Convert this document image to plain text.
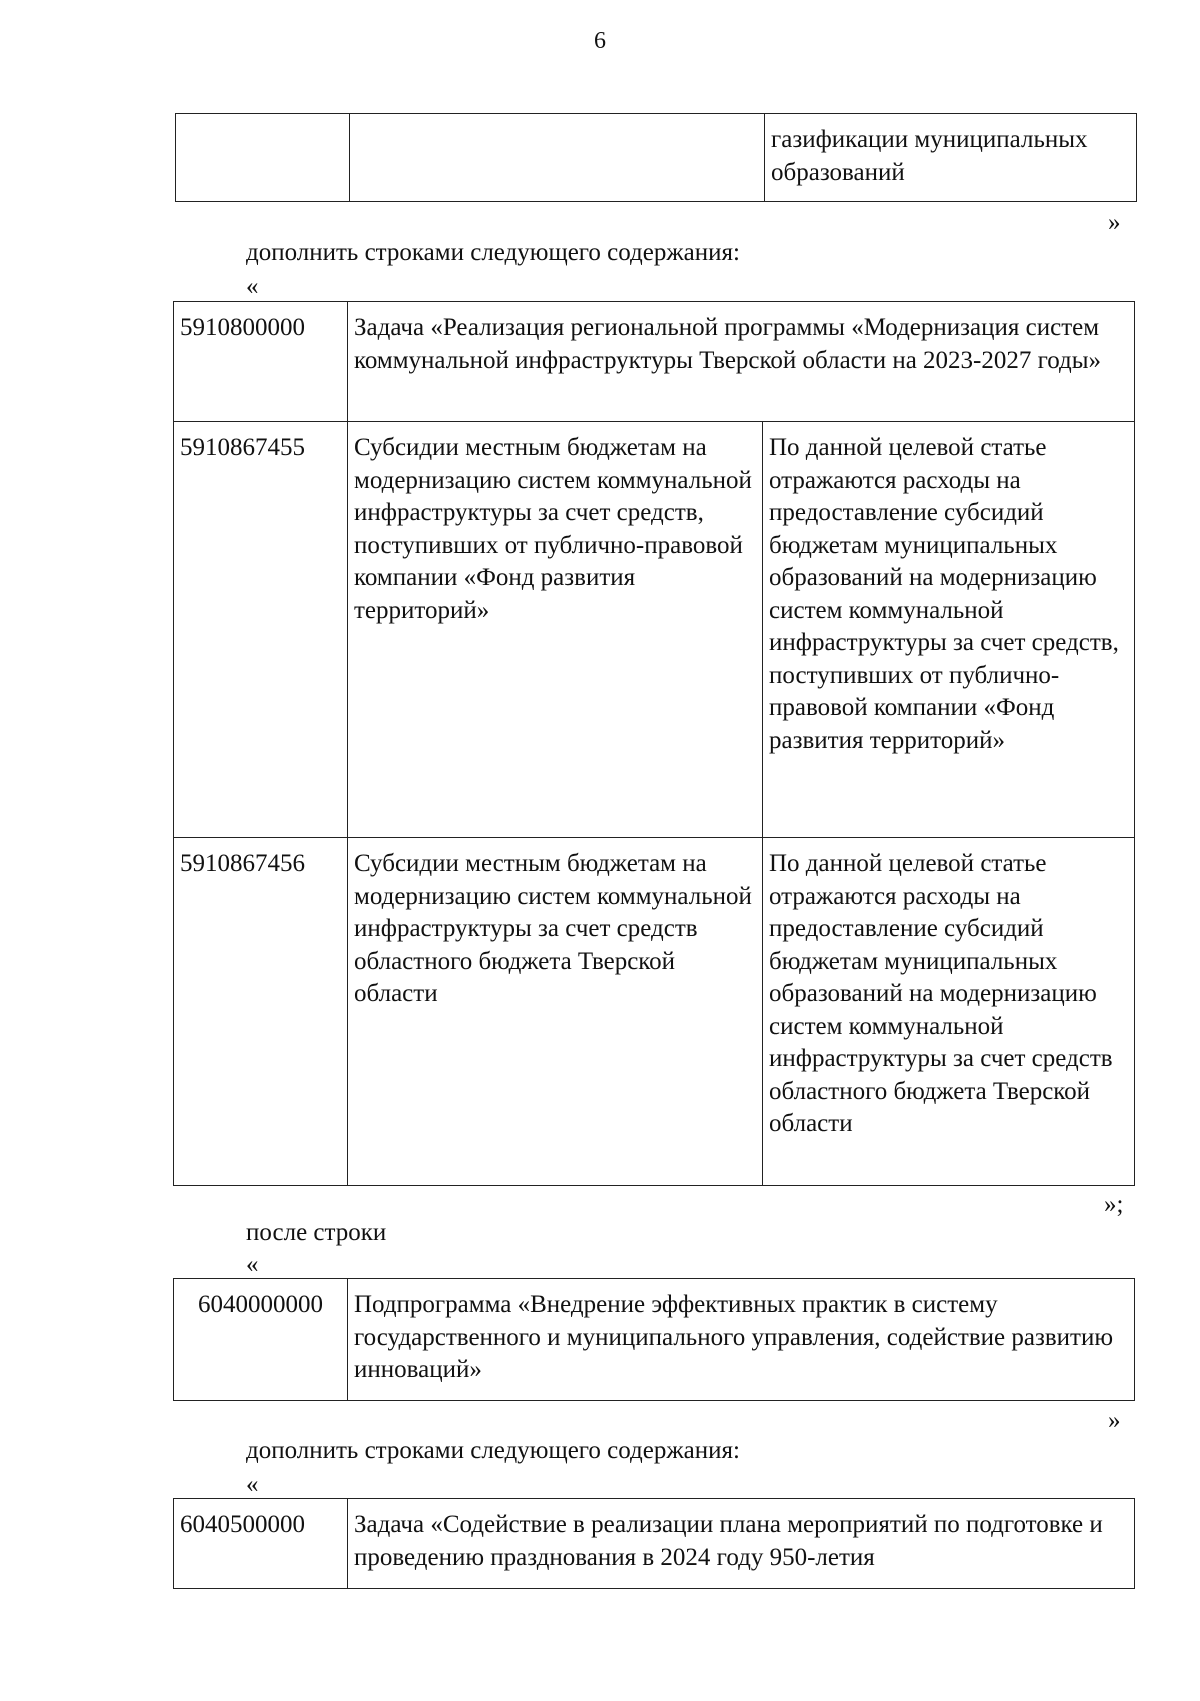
6
		газификации муниципальных образований
»
дополнить строками следующего содержания:
«
5910800000	Задача «Реализация региональной программы «Модернизация систем коммунальной инфраструктуры Тверской области на 2023-2027 годы»	
5910867455	Субсидии местным бюджетам на модернизацию систем коммунальной инфраструктуры за счет средств, поступивших от публично-правовой компании «Фонд развития территорий»	По данной целевой статье отражаются расходы на предоставление субсидий бюджетам муниципальных образований на модернизацию систем коммунальной инфраструктуры за счет средств, поступивших от публично-правовой компании «Фонд развития территорий»
5910867456	Субсидии местным бюджетам на модернизацию систем коммунальной инфраструктуры за счет средств областного бюджета Тверской области	По данной целевой статье отражаются расходы на предоставление субсидий бюджетам муниципальных образований на модернизацию систем коммунальной инфраструктуры за счет средств областного бюджета Тверской области
»;
после строки
«
6040000000	Подпрограмма «Внедрение эффективных практик в систему государственного и муниципального управления, содействие развитию инноваций»
»
дополнить строками следующего содержания:
«
6040500000	Задача «Содействие в реализации плана мероприятий по подготовке и проведению празднования в 2024 году 950-летия
